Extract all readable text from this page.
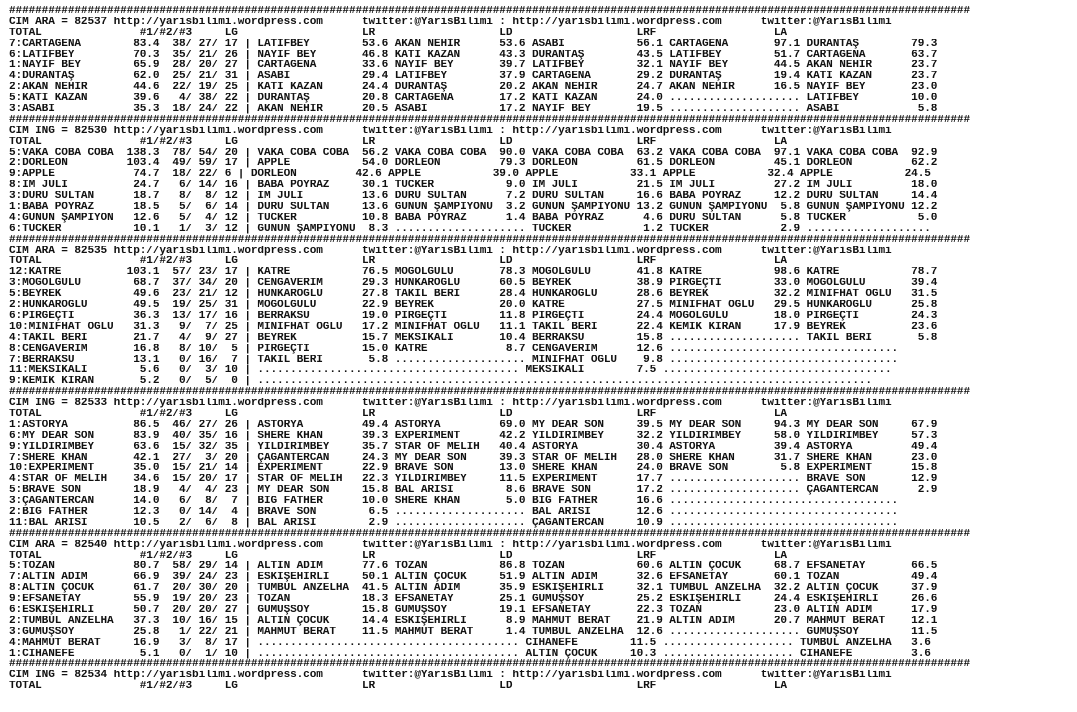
###################################################################################################################################################
CIM ARA = 82537 http://yarisbilimi.wordpress.com      twitter:@YarisBilimi : http://yarisbilimi.wordpress.com      twitter:@YarisBilimi
TOTAL               #1/#2/#3     LG                   LR                   LD                   LRF                  LA
7:CARTAGENA        83.4  38/ 27/ 17 | LATİFBEY        53.6 AKAN NEHİR      53.6 ASABİ           56.1 CARTAGENA       97.1 DURANTAŞ        79.3
6:LATİFBEY         70.3  35/ 21/ 26 | NAYİF BEY       46.8 KATI KAZAN      43.3 DURANTAŞ        43.5 LATİFBEY        51.7 CARTAGENA       63.7
1:NAYİF BEY        65.9  28/ 20/ 27 | CARTAGENA       33.6 NAYİF BEY       39.7 LATİFBEY        32.1 NAYİF BEY       44.5 AKAN NEHİR      23.7
4:DURANTAŞ         62.0  25/ 21/ 31 | ASABİ           29.4 LATİFBEY        37.9 CARTAGENA       29.2 DURANTAŞ        19.4 KATI KAZAN      23.7
2:AKAN NEHİR       44.6  22/ 19/ 25 | KATI KAZAN      24.4 DURANTAŞ        20.2 AKAN NEHİR      24.7 AKAN NEHİR      16.5 NAYİF BEY       23.0
5:KATI KAZAN       39.6   4/ 38/ 22 | DURANTAŞ        20.8 CARTAGENA       17.2 KATI KAZAN      24.0 .................... LATİFBEY        10.0
3:ASABİ            35.3  18/ 24/ 22 | AKAN NEHİR      20.5 ASABİ           17.2 NAYİF BEY       19.5 .................... ASABİ            5.8
###################################################################################################################################################
CIM ING = 82530 http://yarisbilimi.wordpress.com      twitter:@YarisBilimi : http://yarisbilimi.wordpress.com      twitter:@YarisBilimi
TOTAL               #1/#2/#3     LG                   LR                   LD                   LRF                  LA
5:VAKA COBA COBA  138.3  78/ 54/ 20 | VAKA COBA COBA  56.2 VAKA COBA COBA  90.0 VAKA COBA COBA  63.2 VAKA COBA COBA  97.1 VAKA COBA COBA  92.9
2:DORLEON         103.4  49/ 59/ 17 | APPLE           54.0 DORLEON         79.3 DORLEON         61.5 DORLEON         45.1 DORLEON         62.2
9:APPLE            74.7  18/ 22/ 6 | DORLEON         42.6 APPLE           39.0 APPLE           33.1 APPLE           32.4 APPLE           24.5
8:IM JULI          24.7   6/ 14/ 16 | BABA POYRAZ     30.1 TUCKER           9.0 IM JULI         21.5 IM JULI         27.2 IM JULI         18.0
3:DURU SULTAN      18.7   8/  8/ 12 | IM JULI         13.6 DURU SULTAN      7.2 DURU SULTAN     16.6 BABA POYRAZ     12.2 DURU SULTAN     14.4
1:BABA POYRAZ      18.5   5/  6/ 14 | DURU SULTAN     13.6 GÜNÜN ŞAMPİYONU  3.2 GÜNÜN ŞAMPİYONU 13.2 GÜNÜN ŞAMPİYONU  5.8 GÜNÜN ŞAMPİYONU 12.2
4:GÜNÜN ŞAMPİYON   12.6   5/  4/ 12 | TUCKER          10.8 BABA POYRAZ      1.4 BABA POYRAZ      4.6 DURU SULTAN      5.8 TUCKER           5.0
6:TUCKER           10.1   1/  3/ 12 | GÜNÜN ŞAMPİYONU  8.3 .................... TUCKER           1.2 TUCKER           2.9 ...................
###################################################################################################################################################
CIM ARA = 82535 http://yarisbilimi.wordpress.com      twitter:@YarisBilimi : http://yarisbilimi.wordpress.com      twitter:@YarisBilimi
TOTAL               #1/#2/#3     LG                   LR                   LD                   LRF                  LA
12:KATRE          103.1  57/ 23/ 17 | KATRE           76.5 MOĞOLGÜLÜ       78.3 MOĞOLGÜLÜ       41.8 KATRE           98.6 KATRE           78.7
3:MOĞOLGÜLÜ        68.7  37/ 34/ 20 | CENGAVERİM      29.3 HÜNKAROĞLU      60.5 BEYREK          38.9 PİRGEÇTİ        33.0 MOĞOLGÜLÜ       39.4
5:BEYREK           49.6  23/ 21/ 12 | HÜNKAROĞLU      27.8 TAKIL BERİ      28.4 HÜNKAROĞLU      28.6 BEYREK          32.2 MİNİFHAT OĞLU   31.5
2:HÜNKAROĞLU       49.5  19/ 25/ 31 | MOĞOLGÜLÜ       22.9 BEYREK          20.0 KATRE           27.5 MİNİFHAT OĞLU   29.5 HÜNKAROĞLU      25.8
6:PİRGEÇTİ         36.3  13/ 17/ 16 | BERRAKSU        19.0 PİRGEÇTİ        11.8 PİRGEÇTİ        24.4 MOĞOLGÜLÜ       18.0 PİRGEÇTİ        24.3
10:MİNİFHAT OĞLU   31.3   9/  7/ 25 | MİNİFHAT OĞLU   17.2 MİNİFHAT OĞLU   11.1 TAKIL BERİ      22.4 KEMİK KIRAN     17.9 BEYREK          23.6
4:TAKIL BERİ       21.7   4/  9/ 27 | BEYREK          15.7 MEKSİKALI       10.4 BERRAKSU        15.8 .................... TAKIL BERİ       5.8
8:CENGAVERİM       16.8   8/ 10/  5 | PİRGEÇTİ        15.0 KATRE            8.7 CENGAVERİM      12.6 ...................................
7:BERRAKSU         13.1   0/ 16/  7 | TAKIL BERİ       5.8 .................... MİNİFHAT OĞLU    9.8 ...................................
11:MEKSİKALI        5.6   0/  3/ 10 | ........................................ MEKSİKALI        7.5 ...................................
9:KEMİK KIRAN       5.2   0/  5/  0 | ..............................................................................................
###################################################################################################################################################
CIM ING = 82533 http://yarisbilimi.wordpress.com      twitter:@YarisBilimi : http://yarisbilimi.wordpress.com      twitter:@YarisBilimi
TOTAL               #1/#2/#3     LG                   LR                   LD                   LRF                  LA
1:ASTORYA          86.5  46/ 27/ 26 | ASTORYA         49.4 ASTORYA         69.0 MY DEAR SON     39.5 MY DEAR SON     94.3 MY DEAR SON     67.9
6:MY DEAR SON      83.9  40/ 35/ 16 | SHERE KHAN      39.3 EXPERIMENT      42.2 YILDIRIMBEY     32.2 YILDIRIMBEY     58.0 YILDIRIMBEY     57.3
9:YILDIRIMBEY      63.6  15/ 32/ 35 | YILDIRIMBEY     35.7 STAR OF MELİH   40.4 ASTORYA         30.4 ASTORYA         39.4 ASTORYA         49.4
7:SHERE KHAN       42.1  27/  3/ 20 | ÇAĞANTERCAN     24.3 MY DEAR SON     39.3 STAR OF MELİH   28.0 SHERE KHAN      31.7 SHERE KHAN      23.0
10:EXPERIMENT      35.0  15/ 21/ 14 | EXPERIMENT      22.9 BRAVE SON       13.0 SHERE KHAN      24.0 BRAVE SON        5.8 EXPERIMENT      15.8
4:STAR OF MELİH    34.6  15/ 20/ 17 | STAR OF MELİH   22.3 YILDIRIMBEY     11.5 EXPERIMENT      17.7 .................... BRAVE SON       12.9
5:BRAVE SON        18.9   4/  4/ 23 | MY DEAR SON     15.8 BAL ARISI        8.6 BRAVE SON       17.2 .................... ÇAĞANTERCAN      2.9
3:ÇAĞANTERCAN      14.0   6/  8/  7 | BIG FATHER      10.0 SHERE KHAN       5.0 BIG FATHER      16.6 ...................................
2:BIG FATHER       12.3   0/ 14/  4 | BRAVE SON        6.5 .................... BAL ARISI       12.6 ...................................
11:BAL ARISI       10.5   2/  6/  8 | BAL ARISI        2.9 .................... ÇAĞANTERCAN     10.9 ...................................
###################################################################################################################################################
CIM ARA = 82540 http://yarisbilimi.wordpress.com      twitter:@YarisBilimi : http://yarisbilimi.wordpress.com      twitter:@YarisBilimi
TOTAL               #1/#2/#3     LG                   LR                   LD                   LRF                  LA
5:TOZAN            80.7  58/ 29/ 14 | ALTIN ADIM      77.6 TOZAN           86.8 TOZAN           60.6 ALTIN ÇOCUK     68.7 EFSANETAY       66.5
7:ALTIN ADIM       66.9  39/ 24/ 23 | ESKİŞEHİRLİ     50.1 ALTIN ÇOCUK     51.9 ALTIN ADIM      32.6 EFSANETAY       60.1 TOZAN           49.4
8:ALTIN ÇOCUK      61.7  20/ 30/ 20 | TUMBUL ANZELHA  41.5 ALTIN ADIM      35.9 ESKİŞEHİRLİ     32.1 TUMBUL ANZELHA  32.2 ALTIN ÇOCUK     37.9
9:EFSANETAY        55.9  19/ 20/ 23 | TOZAN           18.3 EFSANETAY       25.1 GÜMÜŞSOY        25.2 ESKİŞEHİRLİ     24.4 ESKİŞEHİRLİ     26.6
6:ESKİŞEHİRLİ      50.7  20/ 20/ 27 | GÜMÜŞSOY        15.8 GÜMÜŞSOY        19.1 EFSANETAY       22.3 TOZAN           23.0 ALTIN ADIM      17.9
2:TUMBUL ANZELHA   37.3  10/ 16/ 15 | ALTIN ÇOCUK     14.4 ESKİŞEHİRLİ      8.9 MAHMUT BERAT    21.9 ALTIN ADIM      20.7 MAHMUT BERAT    12.1
3:GÜMÜŞSOY         25.8   1/ 22/ 21 | MAHMUT BERAT    11.5 MAHMUT BERAT     1.4 TUMBUL ANZELHA  12.6 .................... GÜMÜŞSOY        11.5
4:MAHMUT BERAT     16.9   3/  8/ 17 | ........................................ CİHANEFE        11.5 .................... TUMBUL ANZELHA   3.6
1:CİHANEFE          5.1   0/  1/ 10 | ........................................ ALTIN ÇOCUK     10.3 .................... CİHANEFE         3.6
###################################################################################################################################################
CIM ING = 82534 http://yarisbilimi.wordpress.com      twitter:@YarisBilimi : http://yarisbilimi.wordpress.com      twitter:@YarisBilimi
TOTAL               #1/#2/#3     LG                   LR                   LD                   LRF                  LA
